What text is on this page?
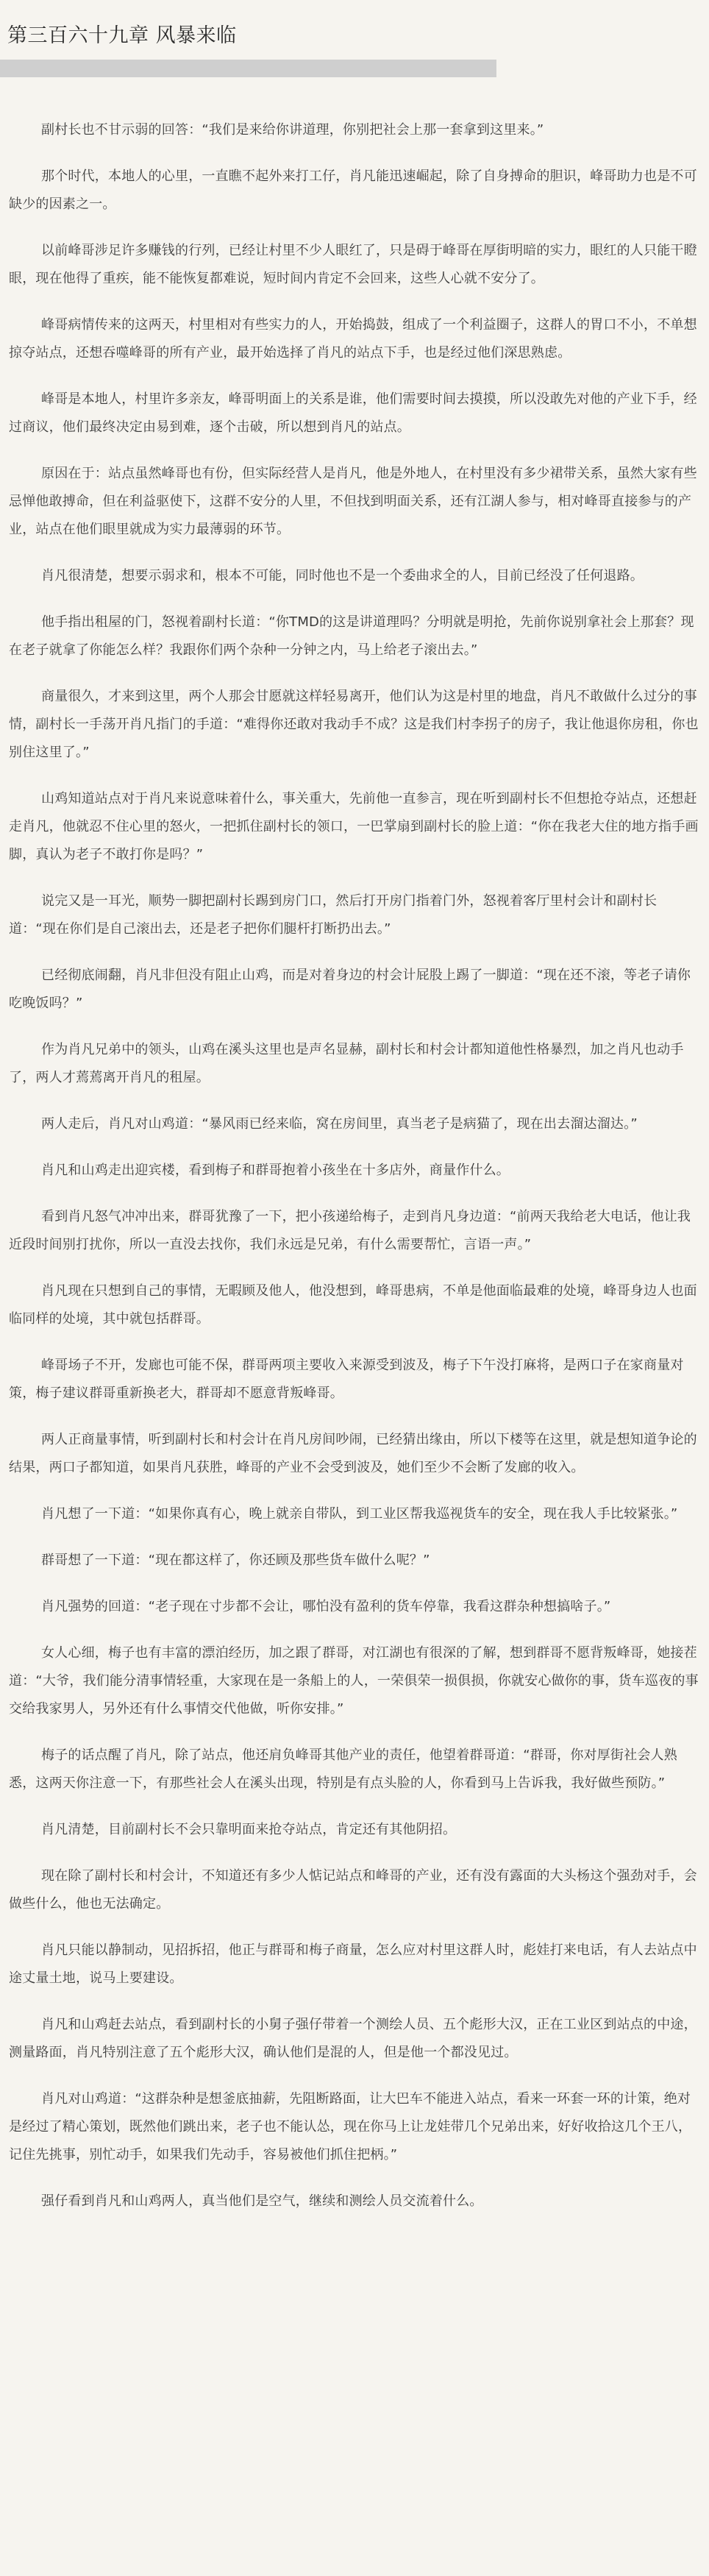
第三百六十九章 风暴来临

副村长也不甘示弱的回答：“我们是来给你讲道理，你别把社会上那一套拿到这里来。”

那个时代，本地人的心里，一直瞧不起外来打工仔，肖凡能迅速崛起，除了自身搏命的胆识，峰哥助力也是不可缺少的因素之一。

以前峰哥涉足许多赚钱的行列，已经让村里不少人眼红了，只是碍于峰哥在厚街明暗的实力，眼红的人只能干瞪眼，现在他得了重疾，能不能恢复都难说，短时间内肯定不会回来，这些人心就不安分了。

峰哥病情传来的这两天，村里相对有些实力的人，开始捣鼓，组成了一个利益圈子，这群人的胃口不小，不单想掠夺站点，还想吞噬峰哥的所有产业，最开始选择了肖凡的站点下手，也是经过他们深思熟虑。

峰哥是本地人，村里许多亲友，峰哥明面上的关系是谁，他们需要时间去摸摸，所以没敢先对他的产业下手，经过商议，他们最终决定由易到难，逐个击破，所以想到肖凡的站点。

原因在于：站点虽然峰哥也有份，但实际经营人是肖凡，他是外地人，在村里没有多少裙带关系，虽然大家有些忌惮他敢搏命，但在利益驱使下，这群不安分的人里，不但找到明面关系，还有江湖人参与，相对峰哥直接参与的产业，站点在他们眼里就成为实力最薄弱的环节。

肖凡很清楚，想要示弱求和，根本不可能，同时他也不是一个委曲求全的人，目前已经没了任何退路。

他手指出租屋的门，怒视着副村长道：“你TMD的这是讲道理吗？分明就是明抢，先前你说别拿社会上那套？现在老子就拿了你能怎么样？我跟你们两个杂种一分钟之内，马上给老子滚出去。”

商量很久，才来到这里，两个人那会甘愿就这样轻易离开，他们认为这是村里的地盘，肖凡不敢做什么过分的事情，副村长一手荡开肖凡指门的手道：“难得你还敢对我动手不成？这是我们村李拐子的房子，我让他退你房租，你也别住这里了。”

山鸡知道站点对于肖凡来说意味着什么，事关重大，先前他一直参言，现在听到副村长不但想抢夺站点，还想赶走肖凡，他就忍不住心里的怒火，一把抓住副村长的领口，一巴掌扇到副村长的脸上道：“你在我老大住的地方指手画脚，真认为老子不敢打你是吗？”

说完又是一耳光，顺势一脚把副村长踢到房门口，然后打开房门指着门外，怒视着客厅里村会计和副村长道：“现在你们是自己滚出去，还是老子把你们腿杆打断扔出去。”

已经彻底闹翻，肖凡非但没有阻止山鸡，而是对着身边的村会计屁股上踢了一脚道：“现在还不滚，等老子请你吃晚饭吗？”

作为肖凡兄弟中的领头，山鸡在溪头这里也是声名显赫，副村长和村会计都知道他性格暴烈，加之肖凡也动手了，两人才蔫蔫离开肖凡的租屋。

两人走后，肖凡对山鸡道：“暴风雨已经来临，窝在房间里，真当老子是病猫了，现在出去溜达溜达。”

肖凡和山鸡走出迎宾楼，看到梅子和群哥抱着小孩坐在十多店外，商量作什么。

看到肖凡怒气冲冲出来，群哥犹豫了一下，把小孩递给梅子，走到肖凡身边道：“前两天我给老大电话，他让我近段时间别打扰你，所以一直没去找你，我们永远是兄弟，有什么需要帮忙，言语一声。”

肖凡现在只想到自己的事情，无暇顾及他人，他没想到，峰哥患病，不单是他面临最难的处境，峰哥身边人也面临同样的处境，其中就包括群哥。

峰哥场子不开，发廊也可能不保，群哥两项主要收入来源受到波及，梅子下午没打麻将，是两口子在家商量对策，梅子建议群哥重新换老大，群哥却不愿意背叛峰哥。

两人正商量事情，听到副村长和村会计在肖凡房间吵闹，已经猜出缘由，所以下楼等在这里，就是想知道争论的结果，两口子都知道，如果肖凡获胜，峰哥的产业不会受到波及，她们至少不会断了发廊的收入。

肖凡想了一下道：“如果你真有心，晚上就亲自带队，到工业区帮我巡视货车的安全，现在我人手比较紧张。”

群哥想了一下道：“现在都这样了，你还顾及那些货车做什么呢？”

肖凡强势的回道：“老子现在寸步都不会让，哪怕没有盈利的货车停靠，我看这群杂种想搞啥子。”

女人心细，梅子也有丰富的漂泊经历，加之跟了群哥，对江湖也有很深的了解，想到群哥不愿背叛峰哥，她接茬道：“大爷，我们能分清事情轻重，大家现在是一条船上的人，一荣俱荣一损俱损，你就安心做你的事，货车巡夜的事交给我家男人，另外还有什么事情交代他做，听你安排。”

梅子的话点醒了肖凡，除了站点，他还肩负峰哥其他产业的责任，他望着群哥道：“群哥，你对厚街社会人熟悉，这两天你注意一下，有那些社会人在溪头出现，特别是有点头脸的人，你看到马上告诉我，我好做些预防。”

肖凡清楚，目前副村长不会只靠明面来抢夺站点，肯定还有其他阴招。

现在除了副村长和村会计，不知道还有多少人惦记站点和峰哥的产业，还有没有露面的大头杨这个强劲对手，会做些什么，他也无法确定。

肖凡只能以静制动，见招拆招，他正与群哥和梅子商量，怎么应对村里这群人时，彪娃打来电话，有人去站点中途丈量土地，说马上要建设。

肖凡和山鸡赶去站点，看到副村长的小舅子强仔带着一个测绘人员、五个彪形大汉，正在工业区到站点的中途，测量路面，肖凡特别注意了五个彪形大汉，确认他们是混的人，但是他一个都没见过。

肖凡对山鸡道：“这群杂种是想釜底抽薪，先阻断路面，让大巴车不能进入站点，看来一环套一环的计策，绝对是经过了精心策划，既然他们跳出来，老子也不能认怂，现在你马上让龙娃带几个兄弟出来，好好收拾这几个王八，记住先挑事，别忙动手，如果我们先动手，容易被他们抓住把柄。”

强仔看到肖凡和山鸡两人，真当他们是空气，继续和测绘人员交流着什么。
